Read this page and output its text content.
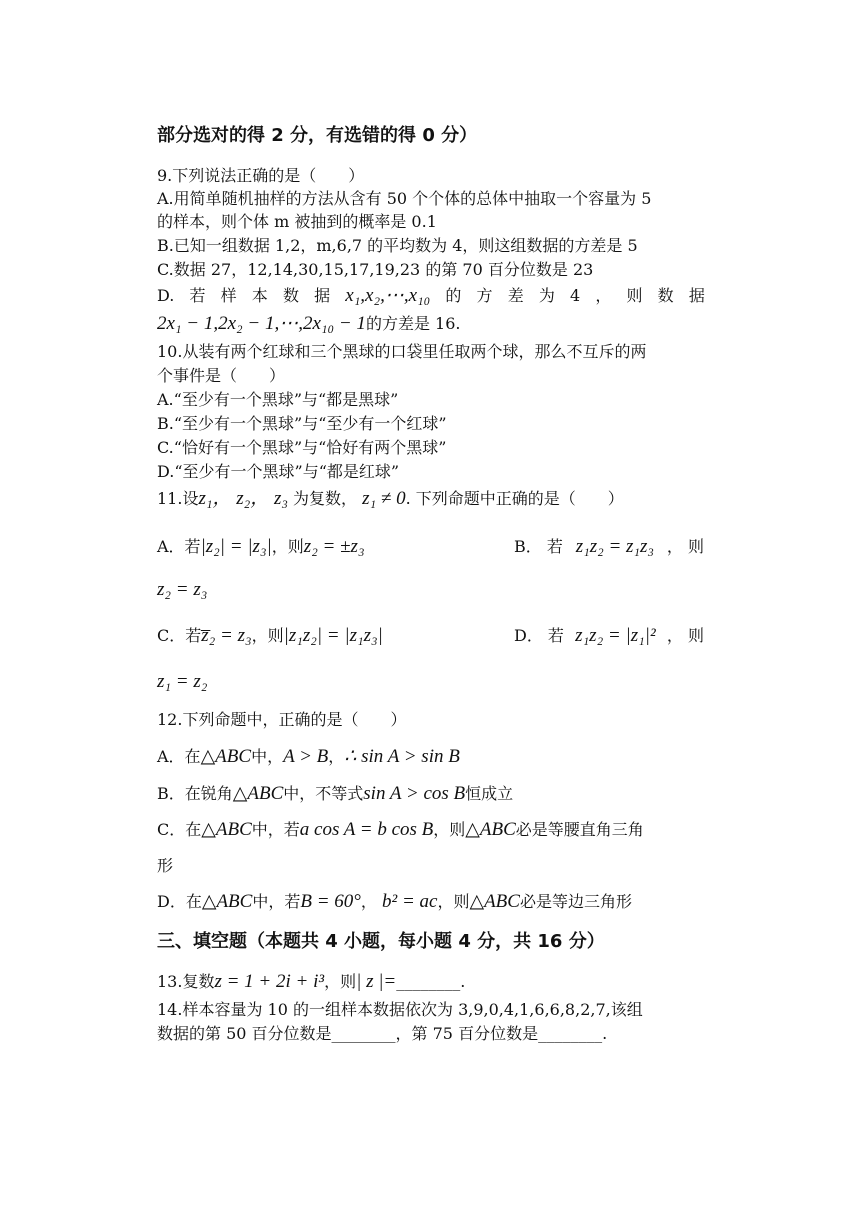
部分选对的得 2 分，有选错的得 0 分）
9.下列说法正确的是（　　）
A.用简单随机抽样的方法从含有 50 个个体的总体中抽取一个容量为 5
的样本，则个体 m 被抽到的概率是 0.1
B.已知一组数据 1,2，m,6,7 的平均数为 4，则这组数据的方差是 5
C.数据 27，12,14,30,15,17,19,23 的第 70 百分位数是 23
D. 若 样 本 数 据 x₁,x₂,⋯,x₁₀ 的 方 差 为 4 ， 则 数 据
2x₁ − 1,2x₂ − 1,⋯,2x₁₀ − 1的方差是 16.
10.从装有两个红球和三个黑球的口袋里任取两个球，那么不互斥的两
个事件是（　　）
A.“至少有一个黑球”与“都是黑球”
B.“至少有一个黑球”与“至少有一个红球”
C.“恰好有一个黑球”与“恰好有两个黑球”
D.“至少有一个黑球”与“都是红球”
11.设z₁， z₂， z₃ 为复数， z₁ ≠ 0. 下列命题中正确的是（　　）
A．若|z₂| = |z₃|，则z₂ = ±z₃	B． 若 z₁z₂ = z₁z₃ ， 则
z₂ = z₃
C．若z̅₂ = z₃，则|z₁z₂| = |z₁z₃|	D． 若 z₁z₂ = |z₁|² ， 则
z₁ = z₂
12.下列命题中，正确的是（　　）
A．在△ABC中，A > B，∴ sin A > sin B
B．在锐角△ABC中，不等式sin A > cos B恒成立
C．在△ABC中，若a cos A = b cos B，则△ABC必是等腰直角三角
形
D．在△ABC中，若B = 60°， b² = ac，则△ABC必是等边三角形
三、填空题（本题共 4 小题，每小题 4 分，共 16 分）
13.复数z = 1 + 2i + i³，则| z |=________.
14.样本容量为 10 的一组样本数据依次为 3,9,0,4,1,6,6,8,2,7,该组
数据的第 50 百分位数是________，第 75 百分位数是________.
